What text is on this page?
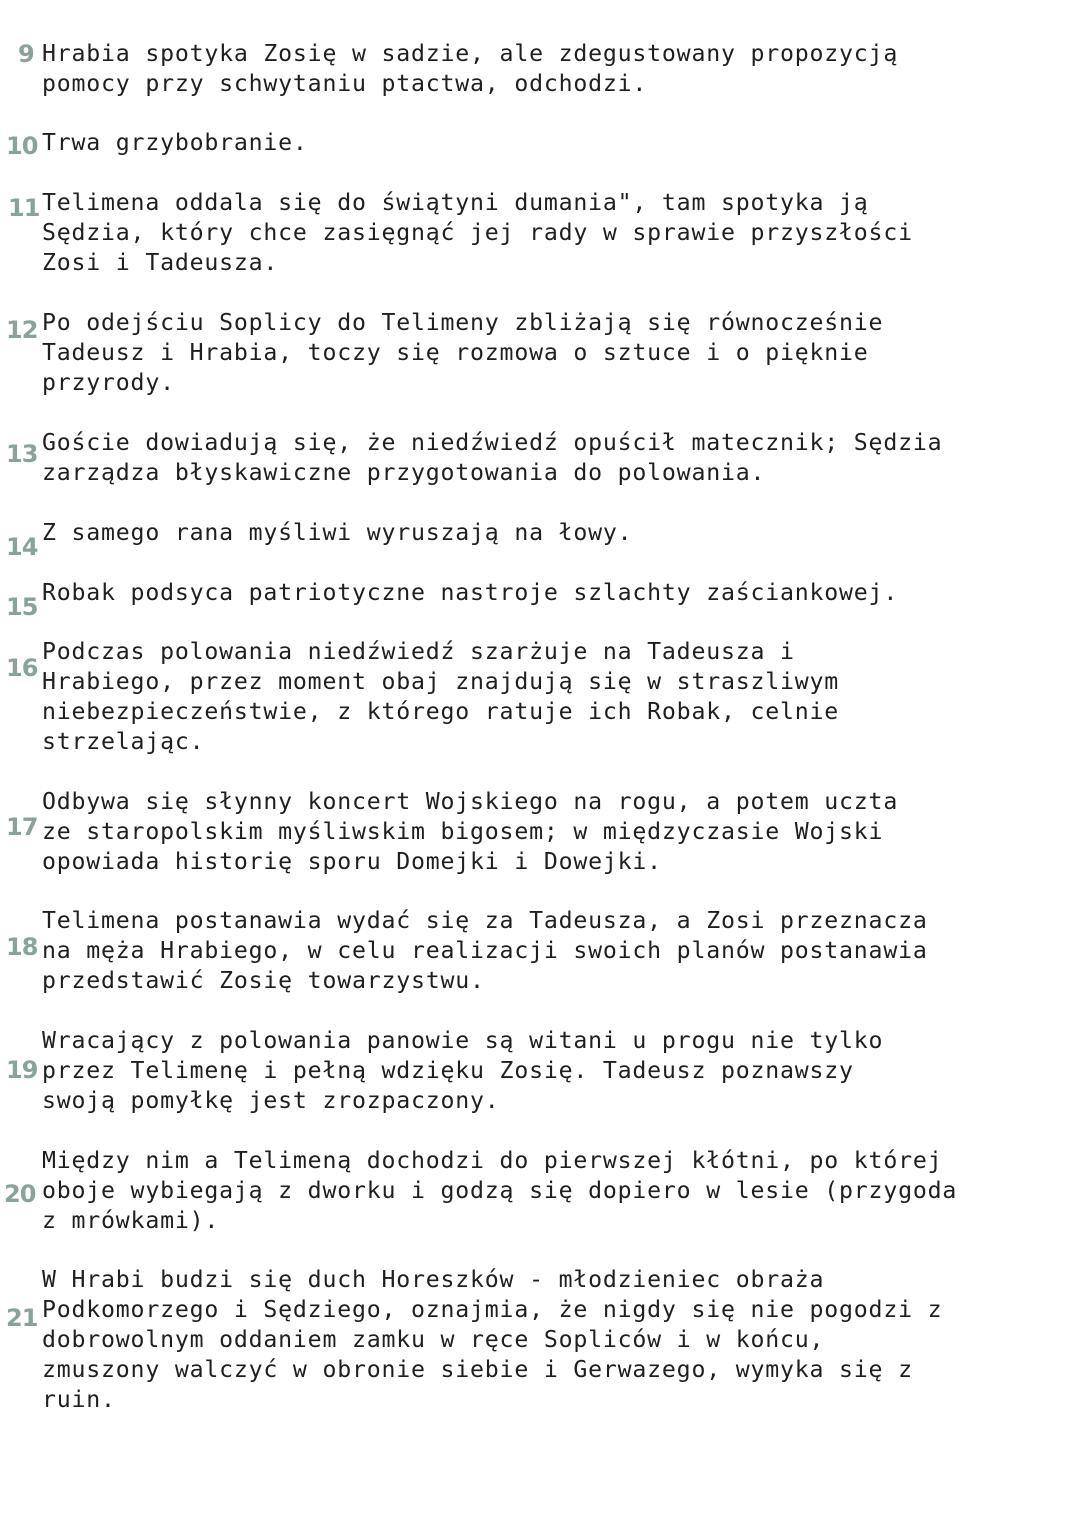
9 Hrabia spotyka Zosię w sadzie, ale zdegustowany propozycją
pomocy przy schwytaniu ptactwa, odchodzi.
10 Trwa grzybobranie.
11 Telimena oddala się do świątyni dumania", tam spotyka ją
Sędzia, który chce zasięgnąć jej rady w sprawie przyszłości
Zosi i Tadeusza.
12 Po odejściu Soplicy do Telimeny zbliżają się równocześnie
Tadeusz i Hrabia, toczy się rozmowa o sztuce i o pięknie
przyrody.
13 Goście dowiadują się, że niedźwiedź opuścił matecznik; Sędzia
zarządza błyskawiczne przygotowania do polowania.
14
Z samego rana myśliwi wyruszają na łowy.
15
Robak podsyca patriotyczne nastroje szlachty zaściankowej.
16
Podczas polowania niedźwiedź szarżuje na Tadeusza i
Hrabiego, przez moment obaj znajdują się w straszliwym
niebezpieczeństwie, z którego ratuje ich Robak, celnie
strzelając.
17
Odbywa się słynny koncert Wojskiego na rogu, a potem uczta
ze staropolskim myśliwskim bigosem; w międzyczasie Wojski
opowiada historię sporu Domejki i Dowejki.
18
Telimena postanawia wydać się za Tadeusza, a Zosi przeznacza
na męża Hrabiego, w celu realizacji swoich planów postanawia
przedstawić Zosię towarzystwu.
19
Wracający z polowania panowie są witani u progu nie tylko
przez Telimenę i pełną wdzięku Zosię. Tadeusz poznawszy
swoją pomyłkę jest zrozpaczony.
20
Między nim a Telimeną dochodzi do pierwszej kłótni, po której
oboje wybiegają z dworku i godzą się dopiero w lesie (przygoda
z mrówkami).
21
W Hrabi budzi się duch Horeszków - młodzieniec obraża
Podkomorzego i Sędziego, oznajmia, że nigdy się nie pogodzi z
dobrowolnym oddaniem zamku w ręce Sopliców i w końcu,
zmuszony walczyć w obronie siebie i Gerwazego, wymyka się z
ruin.
